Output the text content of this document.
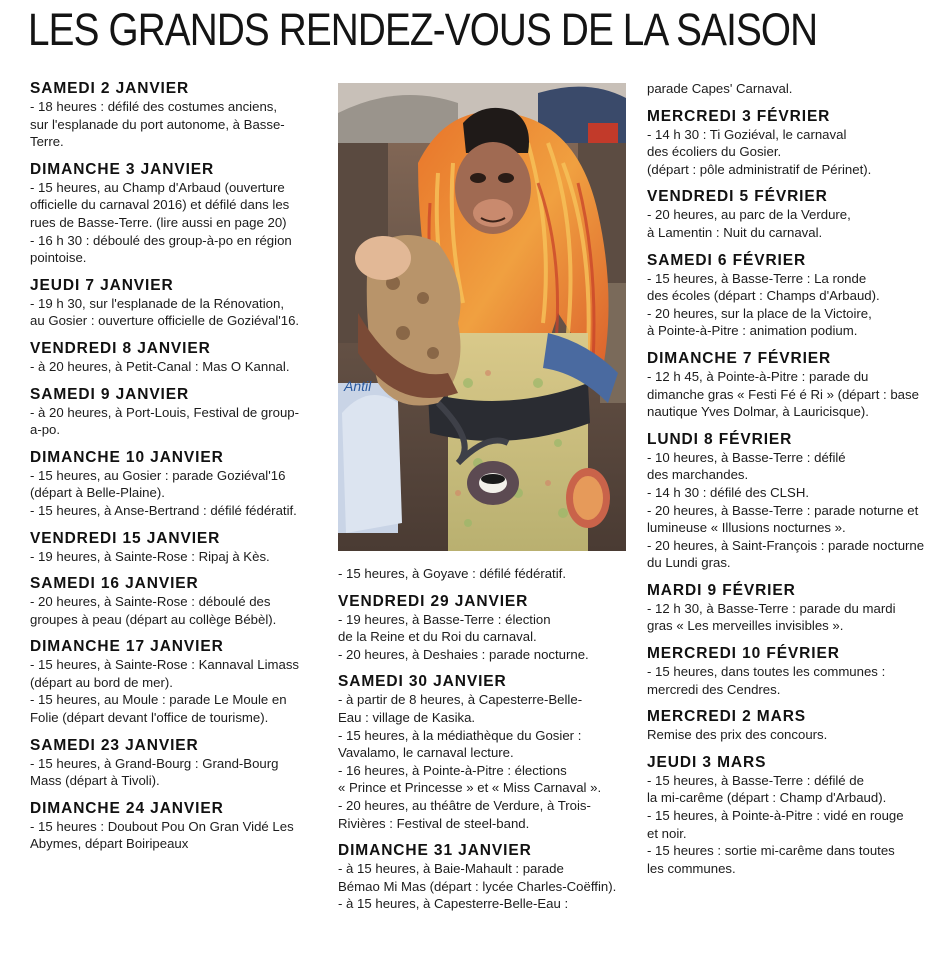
LES GRANDS RENDEZ-VOUS DE LA SAISON

SAMEDI 2 JANVIER

- 18 heures : défilé des costumes anciens,
sur l'esplanade du port autonome, à Basse-
Terre.

DIMANCHE 3 JANVIER

- 15 heures, au Champ d'Arbaud (ouverture
officielle du carnaval 2016) et défilé dans les
rues de Basse-Terre. (lire aussi en page 20)

- 16 h 30 : déboulé des group-à-po en région
pointoise.

JEUDI 7 JANVIER

- 19 h 30, sur l'esplanade de la Rénovation,
au Gosier : ouverture officielle de Goziéval'16.

VENDREDI 8 JANVIER

- à 20 heures, à Petit-Canal : Mas O Kannal.

SAMEDI 9 JANVIER

- à 20 heures, à Port-Louis, Festival de group-
a-po.

DIMANCHE 10 JANVIER

- 15 heures, au Gosier : parade Goziéval'16
(départ à Belle-Plaine).

- 15 heures, à Anse-Bertrand : défilé fédératif.

VENDREDI 15 JANVIER

- 19 heures, à Sainte-Rose : Ripaj à Kès.

SAMEDI 16 JANVIER

- 20 heures, à Sainte-Rose : déboulé des
groupes à peau (départ au collège Bébèl).

DIMANCHE 17 JANVIER

- 15 heures, à Sainte-Rose : Kannaval Limass
(départ au bord de mer).

- 15 heures, au Moule : parade Le Moule en
Folie (départ devant l'office de tourisme).

SAMEDI 23 JANVIER

- 15 heures, à Grand-Bourg : Grand-Bourg
Mass (départ à Tivoli).

DIMANCHE 24 JANVIER

- 15 heures : Doubout Pou On Gran Vidé Les
Abymes, départ Boiripeaux

Antil

- 15 heures, à Goyave : défilé fédératif.

VENDREDI 29 JANVIER

- 19 heures, à Basse-Terre : élection
de la Reine et du Roi du carnaval.

- 20 heures, à Deshaies : parade nocturne.

SAMEDI 30 JANVIER

- à partir de 8 heures, à Capesterre-Belle-
Eau : village de Kasika.

- 15 heures, à la médiathèque du Gosier :
Vavalamo, le carnaval lecture.

- 16 heures, à Pointe-à-Pitre : élections
« Prince et Princesse » et « Miss Carnaval ».

- 20 heures, au théâtre de Verdure, à Trois-
Rivières : Festival de steel-band.

DIMANCHE 31 JANVIER

- à 15 heures, à Baie-Mahault : parade
Bémao Mi Mas (départ : lycée Charles-Coëffin).

- à 15 heures, à Capesterre-Belle-Eau :

parade Capes' Carnaval.

MERCREDI 3 FÉVRIER

- 14 h 30 : Ti Goziéval, le carnaval
des écoliers du Gosier.
(départ : pôle administratif de Périnet).

VENDREDI 5 FÉVRIER

- 20 heures, au parc de la Verdure,
à Lamentin : Nuit du carnaval.

SAMEDI 6 FÉVRIER

- 15 heures, à Basse-Terre : La ronde
des écoles (départ : Champs d'Arbaud).

- 20 heures, sur la place de la Victoire,
à Pointe-à-Pitre : animation podium.

DIMANCHE 7 FÉVRIER

- 12 h 45, à Pointe-à-Pitre : parade du
dimanche gras « Festi Fé é Ri » (départ : base
nautique Yves Dolmar, à Lauricisque).

LUNDI 8 FÉVRIER

- 10 heures, à Basse-Terre : défilé
des marchandes.

- 14 h 30 : défilé des CLSH.

- 20 heures, à Basse-Terre : parade noturne et
lumineuse « Illusions nocturnes ».

- 20 heures, à Saint-François : parade nocturne
du Lundi gras.

MARDI 9 FÉVRIER

- 12 h 30, à Basse-Terre : parade du mardi
gras « Les merveilles invisibles ».

MERCREDI 10 FÉVRIER

- 15 heures, dans toutes les communes :
mercredi des Cendres.

MERCREDI 2 MARS

Remise des prix des concours.

JEUDI 3 MARS

- 15 heures, à Basse-Terre : défilé de
la mi-carême (départ : Champ d'Arbaud).

- 15 heures, à Pointe-à-Pitre : vidé en rouge
et noir.

- 15 heures : sortie mi-carême dans toutes
les communes.
